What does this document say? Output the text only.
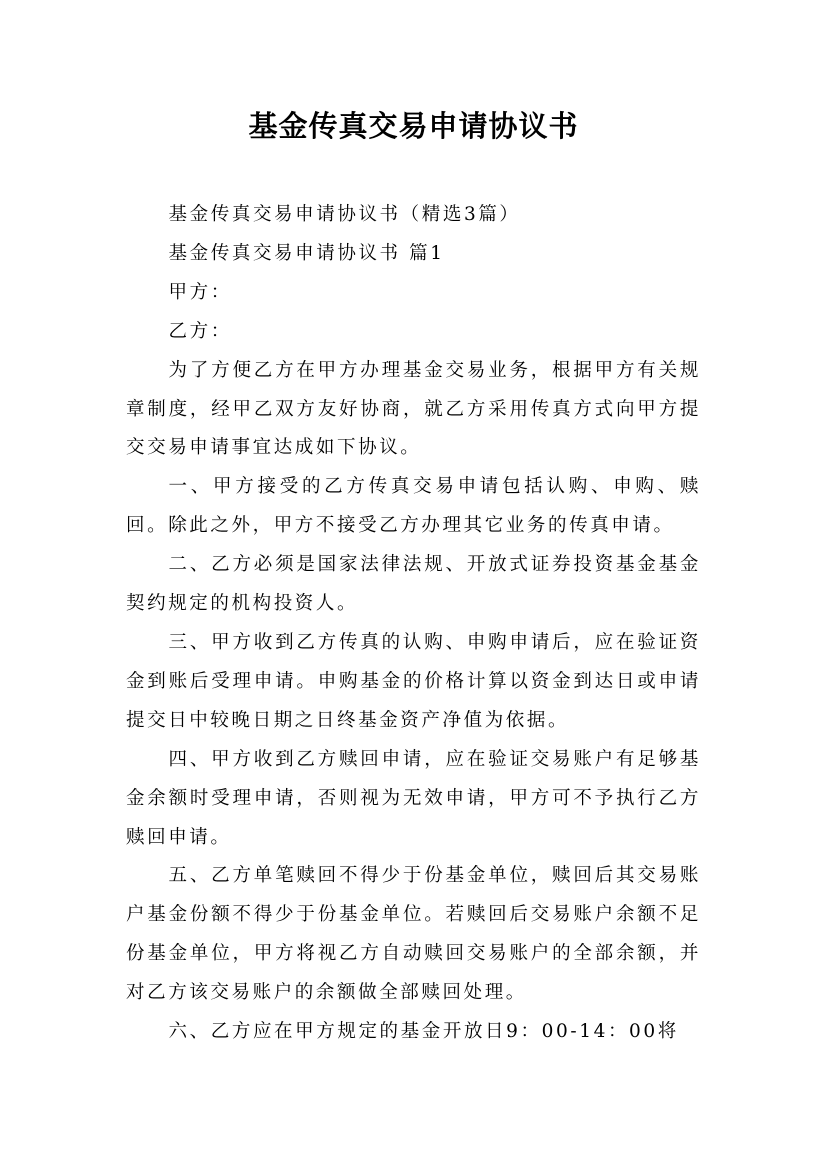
基金传真交易申请协议书

基金传真交易申请协议书（精选3篇）

基金传真交易申请协议书 篇1

甲方：

乙方：

为了方便乙方在甲方办理基金交易业务，根据甲方有关规章制度，经甲乙双方友好协商，就乙方采用传真方式向甲方提交交易申请事宜达成如下协议。

一、甲方接受的乙方传真交易申请包括认购、申购、赎回。除此之外，甲方不接受乙方办理其它业务的传真申请。

二、乙方必须是国家法律法规、开放式证券投资基金基金契约规定的机构投资人。

三、甲方收到乙方传真的认购、申购申请后，应在验证资金到账后受理申请。申购基金的价格计算以资金到达日或申请提交日中较晚日期之日终基金资产净值为依据。

四、甲方收到乙方赎回申请，应在验证交易账户有足够基金余额时受理申请，否则视为无效申请，甲方可不予执行乙方赎回申请。

五、乙方单笔赎回不得少于份基金单位，赎回后其交易账户基金份额不得少于份基金单位。若赎回后交易账户余额不足份基金单位，甲方将视乙方自动赎回交易账户的全部余额，并对乙方该交易账户的余额做全部赎回处理。

六、乙方应在甲方规定的基金开放日9：00-14：00将
